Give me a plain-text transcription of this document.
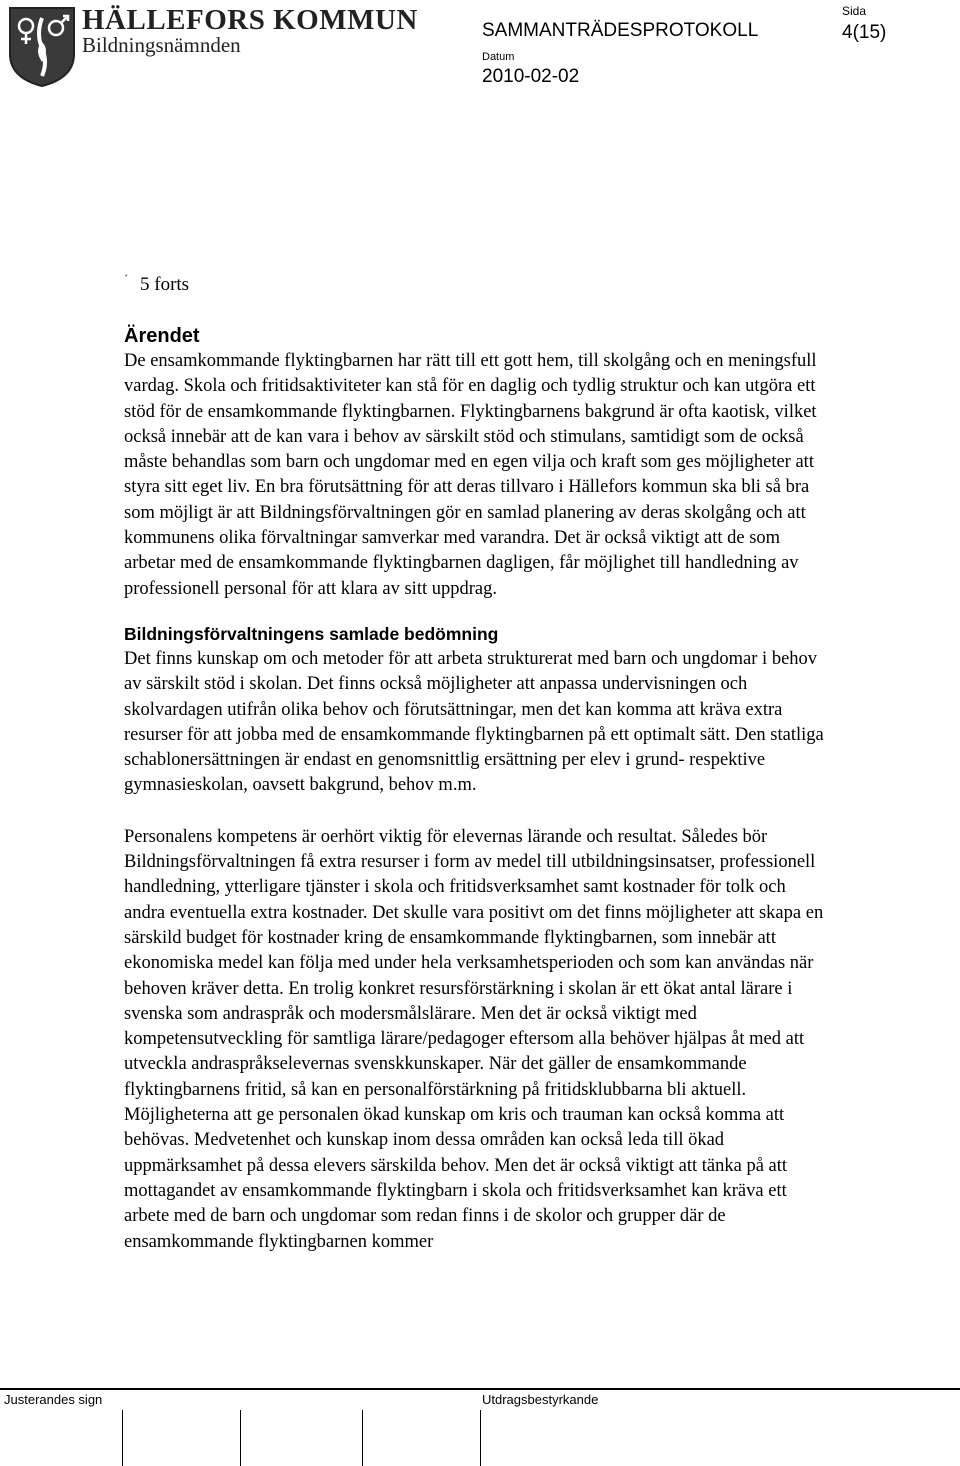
HÄLLEFORS KOMMUN
Bildningsnämnden
SAMMANTRÄDESPROTOKOLL
Datum
2010-02-02
Sida
4(15)
´ 5 forts
Ärendet

De ensamkommande flyktingbarnen har rätt till ett gott hem, till skolgång och en meningsfull vardag. Skola och fritidsaktiviteter kan stå för en daglig och tydlig struktur och kan utgöra ett stöd för de ensamkommande flyktingbarnen. Flyktingbarnens bakgrund är ofta kaotisk, vilket också innebär att de kan vara i behov av särskilt stöd och stimulans, samtidigt som de också måste behandlas som barn och ungdomar med en egen vilja och kraft som ges möjligheter att styra sitt eget liv. En bra förutsättning för att deras tillvaro i Hällefors kommun ska bli så bra som möjligt är att Bildningsförvaltningen gör en samlad planering av deras skolgång och att kommunens olika förvaltningar samverkar med varandra. Det är också viktigt att de som arbetar med de ensamkommande flyktingbarnen dagligen, får möjlighet till handledning av professionell personal för att klara av sitt uppdrag.

Bildningsförvaltningens samlade bedömning

Det finns kunskap om och metoder för att arbeta strukturerat med barn och ungdomar i behov av särskilt stöd i skolan. Det finns också möjligheter att anpassa undervisningen och skolvardagen utifrån olika behov och förutsättningar, men det kan komma att kräva extra resurser för att jobba med de ensamkommande flyktingbarnen på ett optimalt sätt. Den statliga schablonersättningen är endast en genomsnittlig ersättning per elev i grund- respektive gymnasieskolan, oavsett bakgrund, behov m.m.

Personalens kompetens är oerhört viktig för elevernas lärande och resultat. Således bör Bildningsförvaltningen få extra resurser i form av medel till utbildningsinsatser, professionell handledning, ytterligare tjänster i skola och fritidsverksamhet samt kostnader för tolk och andra eventuella extra kostnader. Det skulle vara positivt om det finns möjligheter att skapa en särskild budget för kostnader kring de ensamkommande flyktingbarnen, som innebär att ekonomiska medel kan följa med under hela verksamhetsperioden och som kan användas när behoven kräver detta. En trolig konkret resursförstärkning i skolan är ett ökat antal lärare i svenska som andraspråk och modersmålslärare. Men det är också viktigt med kompetensutveckling för samtliga lärare/pedagoger eftersom alla behöver hjälpas åt med att utveckla andraspråkselevernas svenskkunskaper. När det gäller de ensamkommande flyktingbarnens fritid, så kan en personalförstärkning på fritidsklubbarna bli aktuell. Möjligheterna att ge personalen ökad kunskap om kris och trauman kan också komma att behövas. Medvetenhet och kunskap inom dessa områden kan också leda till ökad uppmärksamhet på dessa elevers särskilda behov. Men det är också viktigt att tänka på att mottagandet av ensamkommande flyktingbarn i skola och fritidsverksamhet kan kräva ett arbete med de barn och ungdomar som redan finns i de skolor och grupper där de ensamkommande flyktingbarnen kommer

Justerandes sign	Utdragsbestyrkande
